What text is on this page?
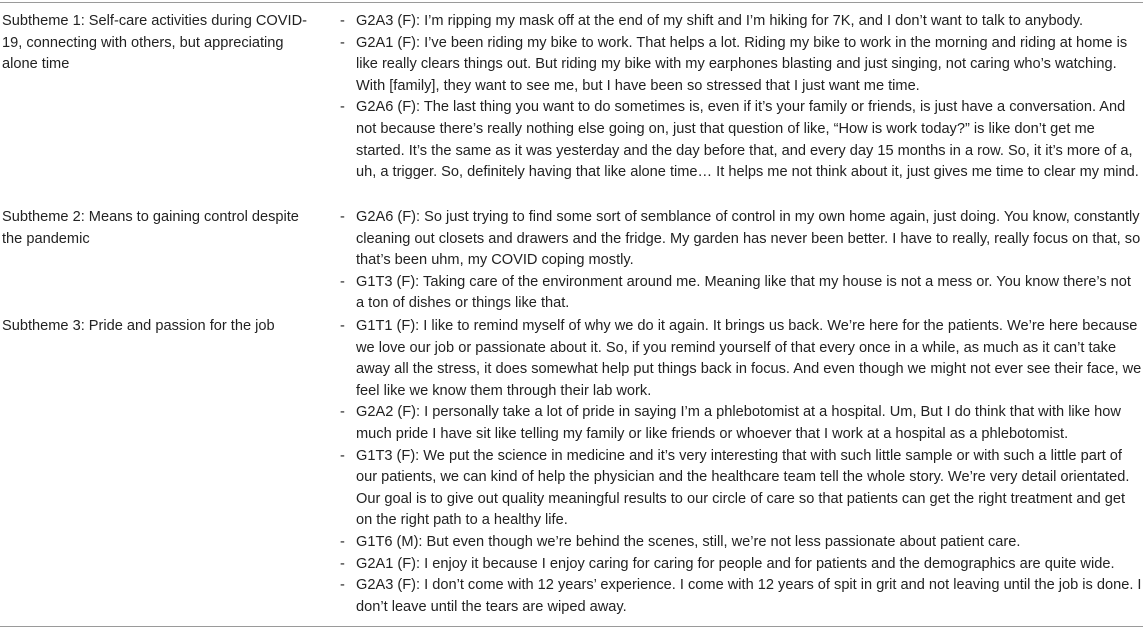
Subtheme 1: Self-care activities during COVID-19, connecting with others, but appreciating alone time
- G2A3 (F): I’m ripping my mask off at the end of my shift and I’m hiking for 7K, and I don’t want to talk to anybody.
- G2A1 (F): I’ve been riding my bike to work. That helps a lot. Riding my bike to work in the morning and riding at home is like really clears things out. But riding my bike with my earphones blasting and just singing, not caring who’s watching. With [family], they want to see me, but I have been so stressed that I just want me time.
- G2A6 (F): The last thing you want to do sometimes is, even if it’s your family or friends, is just have a conversation. And not because there’s really nothing else going on, just that question of like, “How is work today?” is like don’t get me started. It’s the same as it was yesterday and the day before that, and every day 15 months in a row. So, it it’s more of a, uh, a trigger. So, definitely having that like alone time… It helps me not think about it, just gives me time to clear my mind.
Subtheme 2: Means to gaining control despite the pandemic
- G2A6 (F): So just trying to find some sort of semblance of control in my own home again, just doing. You know, constantly cleaning out closets and drawers and the fridge. My garden has never been better. I have to really, really focus on that, so that’s been uhm, my COVID coping mostly.
- G1T3 (F): Taking care of the environment around me. Meaning like that my house is not a mess or. You know there’s not a ton of dishes or things like that.
Subtheme 3: Pride and passion for the job	- G1T1 (F): I like to remind myself of why we do it again. It brings us back. We’re here for the patients. We’re here because we love our job or passionate about it. So, if you remind yourself of that every once in a while, as much as it can’t take away all the stress, it does somewhat help put things back in focus. And even though we might not ever see their face, we feel like we know them through their lab work.
- G2A2 (F): I personally take a lot of pride in saying I’m a phlebotomist at a hospital. Um, But I do think that with like how much pride I have sit like telling my family or like friends or whoever that I work at a hospital as a phlebotomist.
- G1T3 (F): We put the science in medicine and it’s very interesting that with such little sample or with such a little part of our patients, we can kind of help the physician and the healthcare team tell the whole story. We’re very detail orientated. Our goal is to give out quality meaningful results to our circle of care so that patients can get the right treatment and get on the right path to a healthy life.
- G1T6 (M): But even though we’re behind the scenes, still, we’re not less passionate about patient care.
- G2A1 (F): I enjoy it because I enjoy caring for caring for people and for patients and the demographics are quite wide.
- G2A3 (F): I don’t come with 12 years’ experience. I come with 12 years of spit in grit and not leaving until the job is done. I don’t leave until the tears are wiped away.
